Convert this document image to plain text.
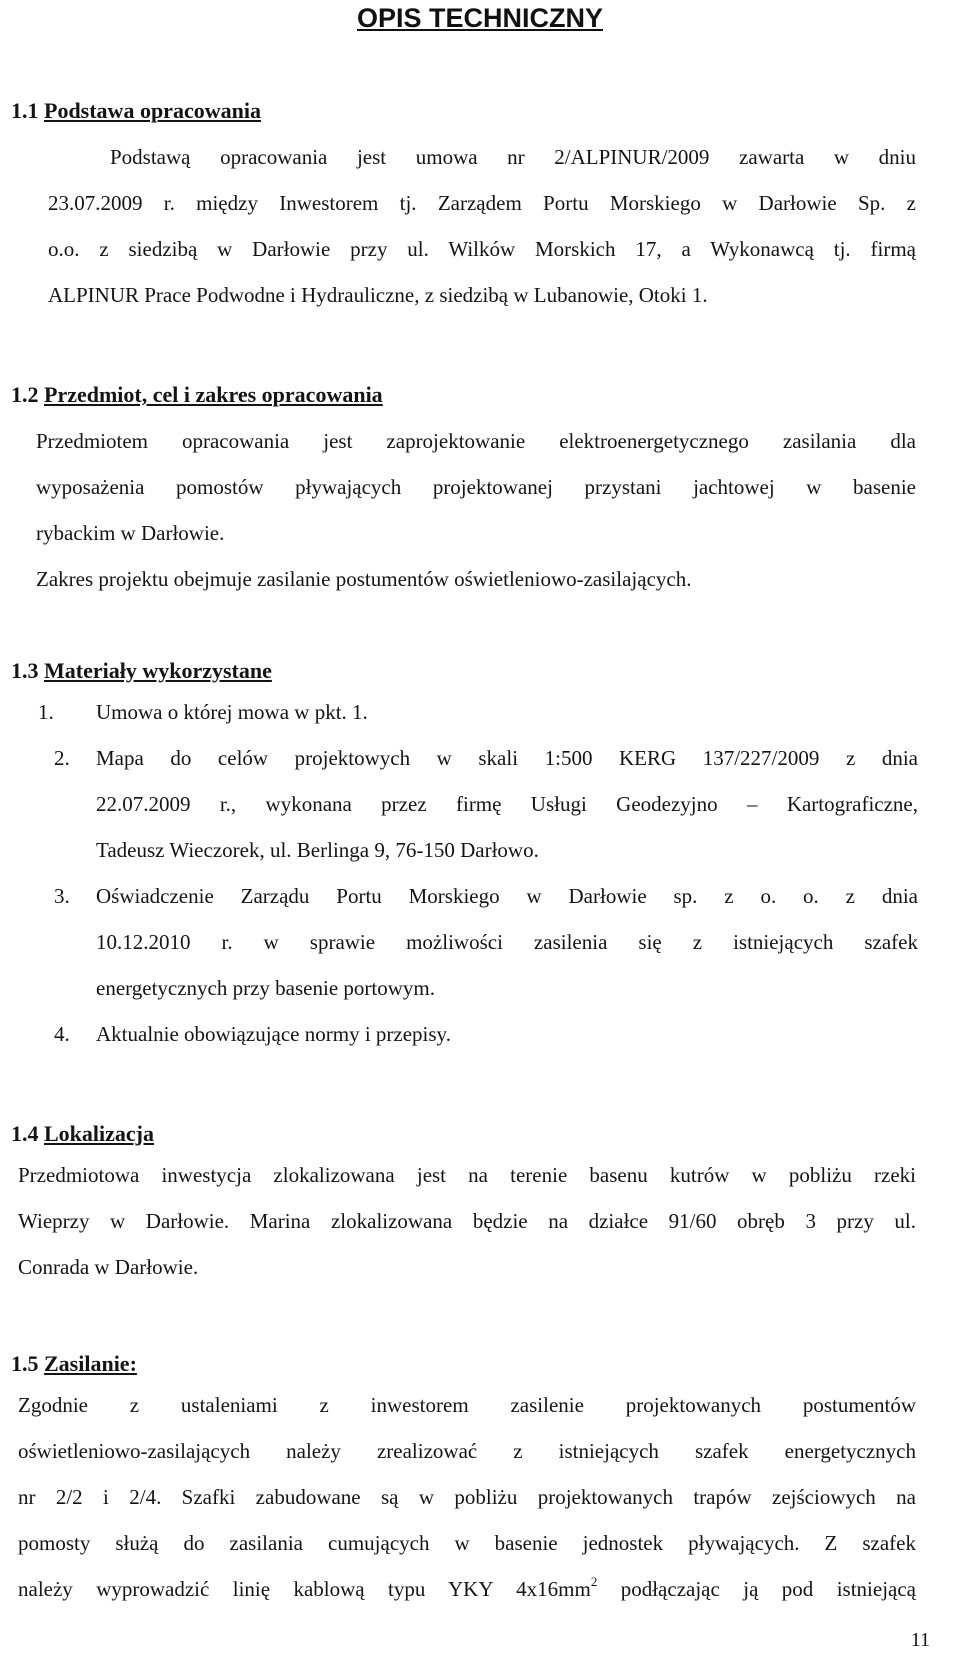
OPIS TECHNICZNY
1.1 Podstawa opracowania
Podstawą opracowania jest umowa nr 2/ALPINUR/2009 zawarta w dniu
23.07.2009 r. między Inwestorem tj. Zarządem Portu Morskiego w Darłowie Sp. z
o.o. z siedzibą w Darłowie przy ul. Wilków Morskich 17, a Wykonawcą tj. firmą
ALPINUR Prace Podwodne i Hydrauliczne, z siedzibą w Lubanowie, Otoki 1.
1.2 Przedmiot, cel i zakres opracowania
Przedmiotem opracowania jest zaprojektowanie elektroenergetycznego zasilania dla
wyposażenia pomostów pływających projektowanej przystani jachtowej w basenie
rybackim w Darłowie.
Zakres projektu obejmuje zasilanie postumentów oświetleniowo-zasilających.
1.3 Materiały wykorzystane
1.	Umowa o której mowa w pkt. 1.
2.	Mapa do celów projektowych w skali 1:500 KERG 137/227/2009 z dnia
22.07.2009 r., wykonana przez firmę Usługi Geodezyjno – Kartograficzne,
Tadeusz Wieczorek, ul. Berlinga 9, 76-150 Darłowo.
3.	Oświadczenie Zarządu Portu Morskiego w Darłowie sp. z o. o. z dnia
10.12.2010 r. w sprawie możliwości zasilenia się z istniejących szafek
energetycznych przy basenie portowym.
4.	Aktualnie obowiązujące normy i przepisy.
1.4 Lokalizacja
Przedmiotowa inwestycja zlokalizowana jest na terenie basenu kutrów w pobliżu rzeki
Wieprzy w Darłowie. Marina zlokalizowana będzie na działce 91/60 obręb 3 przy ul.
Conrada w Darłowie.
1.5 Zasilanie:
Zgodnie z ustaleniami z inwestorem zasilenie projektowanych postumentów
oświetleniowo-zasilających należy zrealizować z istniejących szafek energetycznych
nr 2/2 i 2/4. Szafki zabudowane są w pobliżu projektowanych trapów zejściowych na
pomosty służą do zasilania cumujących w basenie jednostek pływających. Z szafek
należy wyprowadzić linię kablową typu YKY $4x16mm^2$ podłączając ją pod istniejącą
11
